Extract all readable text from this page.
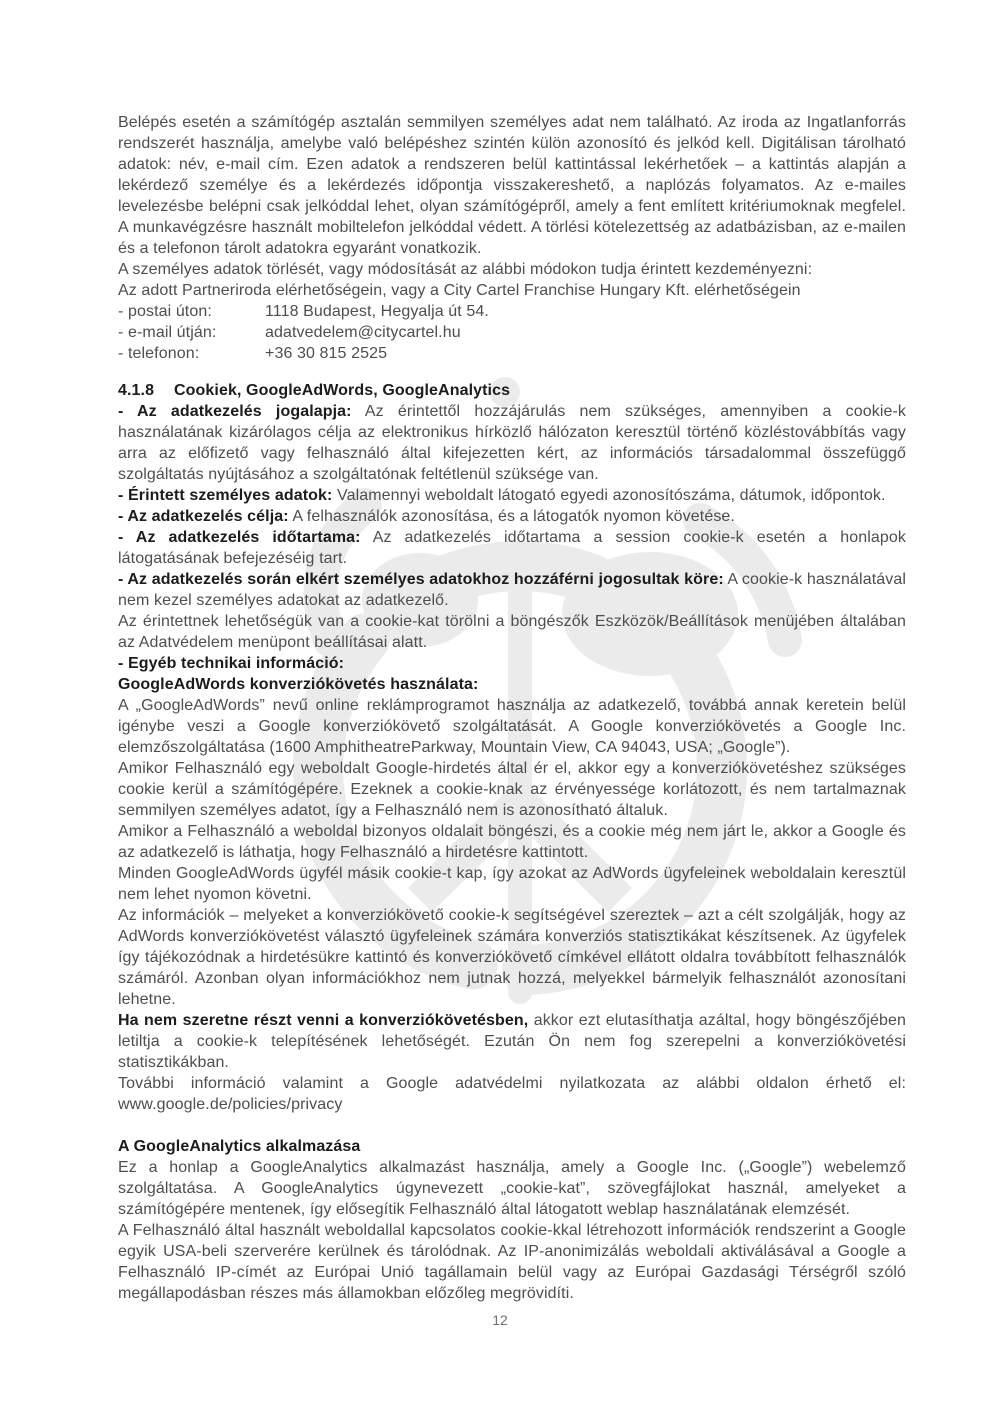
Belépés esetén a számítógép asztalán semmilyen személyes adat nem található. Az iroda az Ingatlanforrás rendszerét használja, amelybe való belépéshez szintén külön azonosító és jelkód kell. Digitálisan tárolható adatok: név, e-mail cím. Ezen adatok a rendszeren belül kattintással lekérhetőek – a kattintás alapján a lekérdező személye és a lekérdezés időpontja visszakereshető, a naplózás folyamatos. Az e-mailes levelezésbe belépni csak jelkóddal lehet, olyan számítógépről, amely a fent említett kritériumoknak megfelel. A munkavégzésre használt mobiltelefon jelkóddal védett. A törlési kötelezettség az adatbázisban, az e-mailen és a telefonon tárolt adatokra egyaránt vonatkozik.

A személyes adatok törlését, vagy módosítását az alábbi módokon tudja érintett kezdeményezni:

Az adott Partneriroda elérhetőségein, vagy a City Cartel Franchise Hungary Kft. elérhetőségein

- postai úton:	1118 Budapest, Hegyalja út 54.
- e-mail útján:	adatvedelem@citycartel.hu
- telefonon:	+36 30 815 2525
4.1.8	Cookiek, GoogleAdWords, GoogleAnalytics

- Az adatkezelés jogalapja: Az érintettől hozzájárulás nem szükséges, amennyiben a cookie-k használatának kizárólagos célja az elektronikus hírközlő hálózaton keresztül történő közléstovábbítás vagy arra az előfizető vagy felhasználó által kifejezetten kért, az információs társadalommal összefüggő szolgáltatás nyújtásához a szolgáltatónak feltétlenül szüksége van.

- Érintett személyes adatok: Valamennyi weboldalt látogató egyedi azonosítószáma, dátumok, időpontok.

- Az adatkezelés célja: A felhasználók azonosítása, és a látogatók nyomon követése.

- Az adatkezelés időtartama: Az adatkezelés időtartama a session cookie-k esetén a honlapok látogatásának befejezéséig tart.

- Az adatkezelés során elkért személyes adatokhoz hozzáférni jogosultak köre: A cookie-k használatával nem kezel személyes adatokat az adatkezelő.

Az érintettnek lehetőségük van a cookie-kat törölni a böngészők Eszközök/Beállítások menüjében általában az Adatvédelem menüpont beállításai alatt.

- Egyéb technikai információ:

GoogleAdWords konverziókövetés használata:

A „GoogleAdWords” nevű online reklámprogramot használja az adatkezelő, továbbá annak keretein belül igénybe veszi a Google konverziókövető szolgáltatását. A Google konverziókövetés a Google Inc. elemzőszolgáltatása (1600 AmphitheatreParkway, Mountain View, CA 94043, USA; „Google”).

Amikor Felhasználó egy weboldalt Google-hirdetés által ér el, akkor egy a konverziókövetéshez szükséges cookie kerül a számítógépére. Ezeknek a cookie-knak az érvényessége korlátozott, és nem tartalmaznak semmilyen személyes adatot, így a Felhasználó nem is azonosítható általuk.

Amikor a Felhasználó a weboldal bizonyos oldalait böngészi, és a cookie még nem járt le, akkor a Google és az adatkezelő is láthatja, hogy Felhasználó a hirdetésre kattintott.

Minden GoogleAdWords ügyfél másik cookie-t kap, így azokat az AdWords ügyfeleinek weboldalain keresztül nem lehet nyomon követni.

Az információk – melyeket a konverziókövető cookie-k segítségével szereztek – azt a célt szolgálják, hogy az AdWords konverziókövetést választó ügyfeleinek számára konverziós statisztikákat készítsenek. Az ügyfelek így tájékozódnak a hirdetésükre kattintó és konverziókövető címkével ellátott oldalra továbbított felhasználók számáról. Azonban olyan információkhoz nem jutnak hozzá, melyekkel bármelyik felhasználót azonosítani lehetne.

Ha nem szeretne részt venni a konverziókövetésben, akkor ezt elutasíthatja azáltal, hogy böngészőjében letiltja a cookie-k telepítésének lehetőségét. Ezután Ön nem fog szerepelni a konverziókövetési statisztikákban.

További információ valamint a Google adatvédelmi nyilatkozata az alábbi oldalon érhető el: www.google.de/policies/privacy

A GoogleAnalytics alkalmazása

Ez a honlap a GoogleAnalytics alkalmazást használja, amely a Google Inc. („Google”) webelemző szolgáltatása. A GoogleAnalytics úgynevezett „cookie-kat”, szövegfájlokat használ, amelyeket a számítógépére mentenek, így elősegítik Felhasználó által látogatott weblap használatának elemzését.

A Felhasználó által használt weboldallal kapcsolatos cookie-kkal létrehozott információk rendszerint a Google egyik USA-beli szerverére kerülnek és tárolódnak. Az IP-anonimizálás weboldali aktiválásával a Google a Felhasználó IP-címét az Európai Unió tagállamain belül vagy az Európai Gazdasági Térségről szóló megállapodásban részes más államokban előzőleg megrövidíti.

12
